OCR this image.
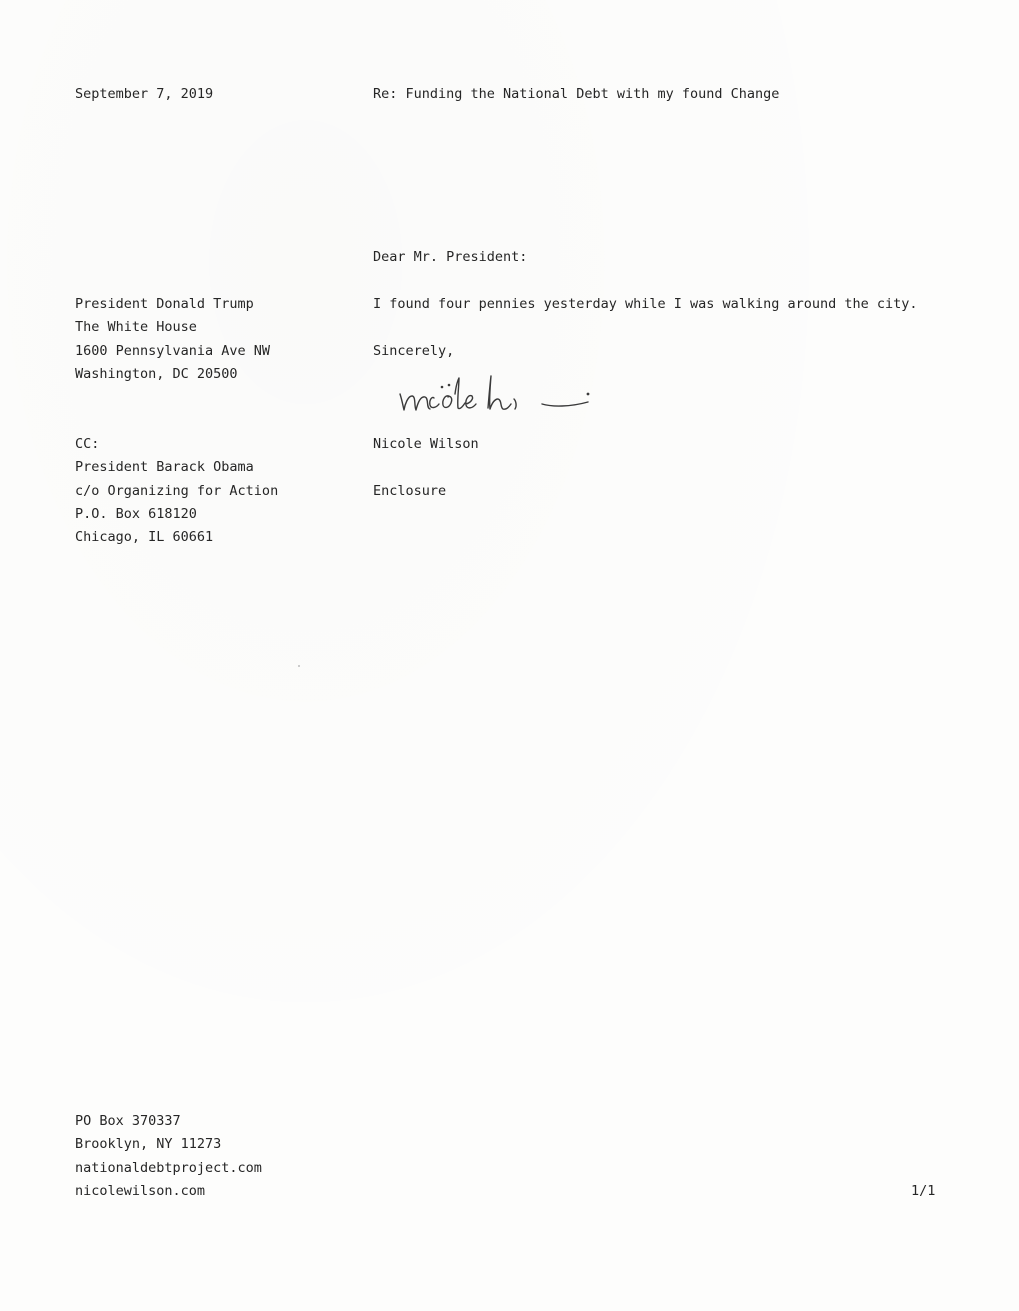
September 7, 2019	Re: Funding the National Debt with my found Change
Dear Mr. President:
President Donald Trump
The White House
1600 Pennsylvania Ave NW
Washington, DC 20500
I found four pennies yesterday while I was walking around the city.
Sincerely,
Nicole Wilson
CC:
President Barack Obama
c/o Organizing for Action
P.O. Box 618120
Chicago, IL 60661
Enclosure
PO Box 370337
Brooklyn, NY 11273
nationaldebtproject.com
nicolewilson.com	1/1
